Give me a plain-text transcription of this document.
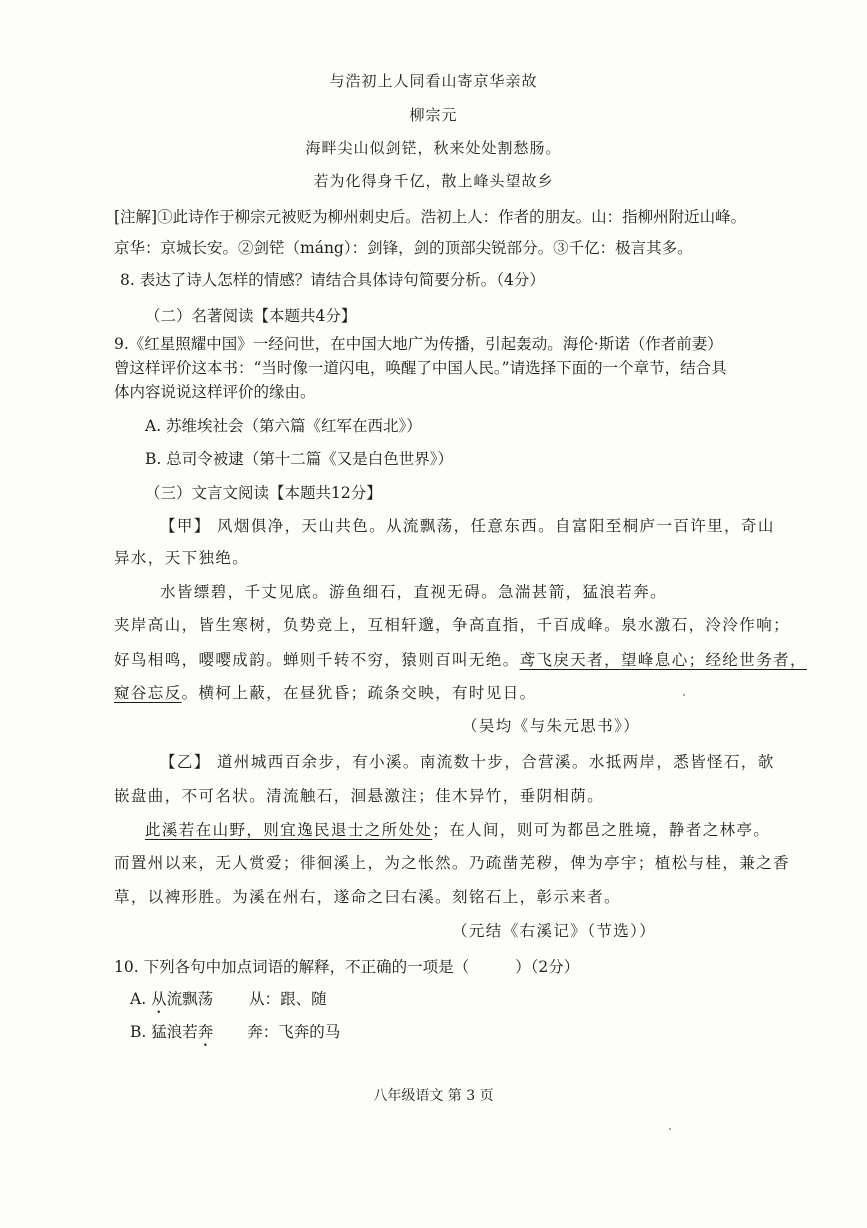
与浩初上人同看山寄京华亲故
柳宗元
海畔尖山似剑铓，秋来处处割愁肠。
若为化得身千亿，散上峰头望故乡
[注解]①此诗作于柳宗元被贬为柳州刺史后。浩初上人：作者的朋友。山：指柳州附近山峰。
京华：京城长安。②剑铓（máng）：剑锋，剑的顶部尖锐部分。③千亿：极言其多。
8. 表达了诗人怎样的情感？请结合具体诗句简要分析。（4分）
（二）名著阅读【本题共4分】
9.《红星照耀中国》一经问世，在中国大地广为传播，引起轰动。海伦·斯诺（作者前妻）
曾这样评价这本书：“当时像一道闪电，唤醒了中国人民。”请选择下面的一个章节，结合具
体内容说说这样评价的缘由。
A. 苏维埃社会（第六篇《红军在西北》）
B. 总司令被逮（第十二篇《又是白色世界》）
（三）文言文阅读【本题共12分】
【甲】 风烟俱净，天山共色。从流飘荡，任意东西。自富阳至桐庐一百许里，奇山
异水，天下独绝。
水皆缥碧，千丈见底。游鱼细石，直视无碍。急湍甚箭，猛浪若奔。
夹岸高山，皆生寒树，负势竞上，互相轩邈，争高直指，千百成峰。泉水激石，泠泠作响；
好鸟相鸣，嘤嘤成韵。蝉则千转不穷，猿则百叫无绝。鸢飞戾天者，望峰息心；经纶世务者，
窥谷忘反。横柯上蔽，在昼犹昏；疏条交映，有时见日。
（吴均《与朱元思书》）
【乙】 道州城西百余步，有小溪。南流数十步，合营溪。水抵两岸，悉皆怪石，欹
嵌盘曲，不可名状。清流触石，洄悬激注；佳木异竹，垂阴相荫。
此溪若在山野，则宜逸民退士之所处处；在人间，则可为都邑之胜境，静者之林亭。
而置州以来，无人赏爱；徘徊溪上，为之怅然。乃疏凿芜秽，俾为亭宇；植松与桂，兼之香
草，以裨形胜。为溪在州右，遂命之曰右溪。刻铭石上，彰示来者。
（元结《右溪记》（节选））
10. 下列各句中加点词语的解释，不正确的一项是（	）（2分）
A. 从流飘荡 从：跟、随
B. 猛浪若奔 奔：飞奔的马
八年级语文 第 3 页
